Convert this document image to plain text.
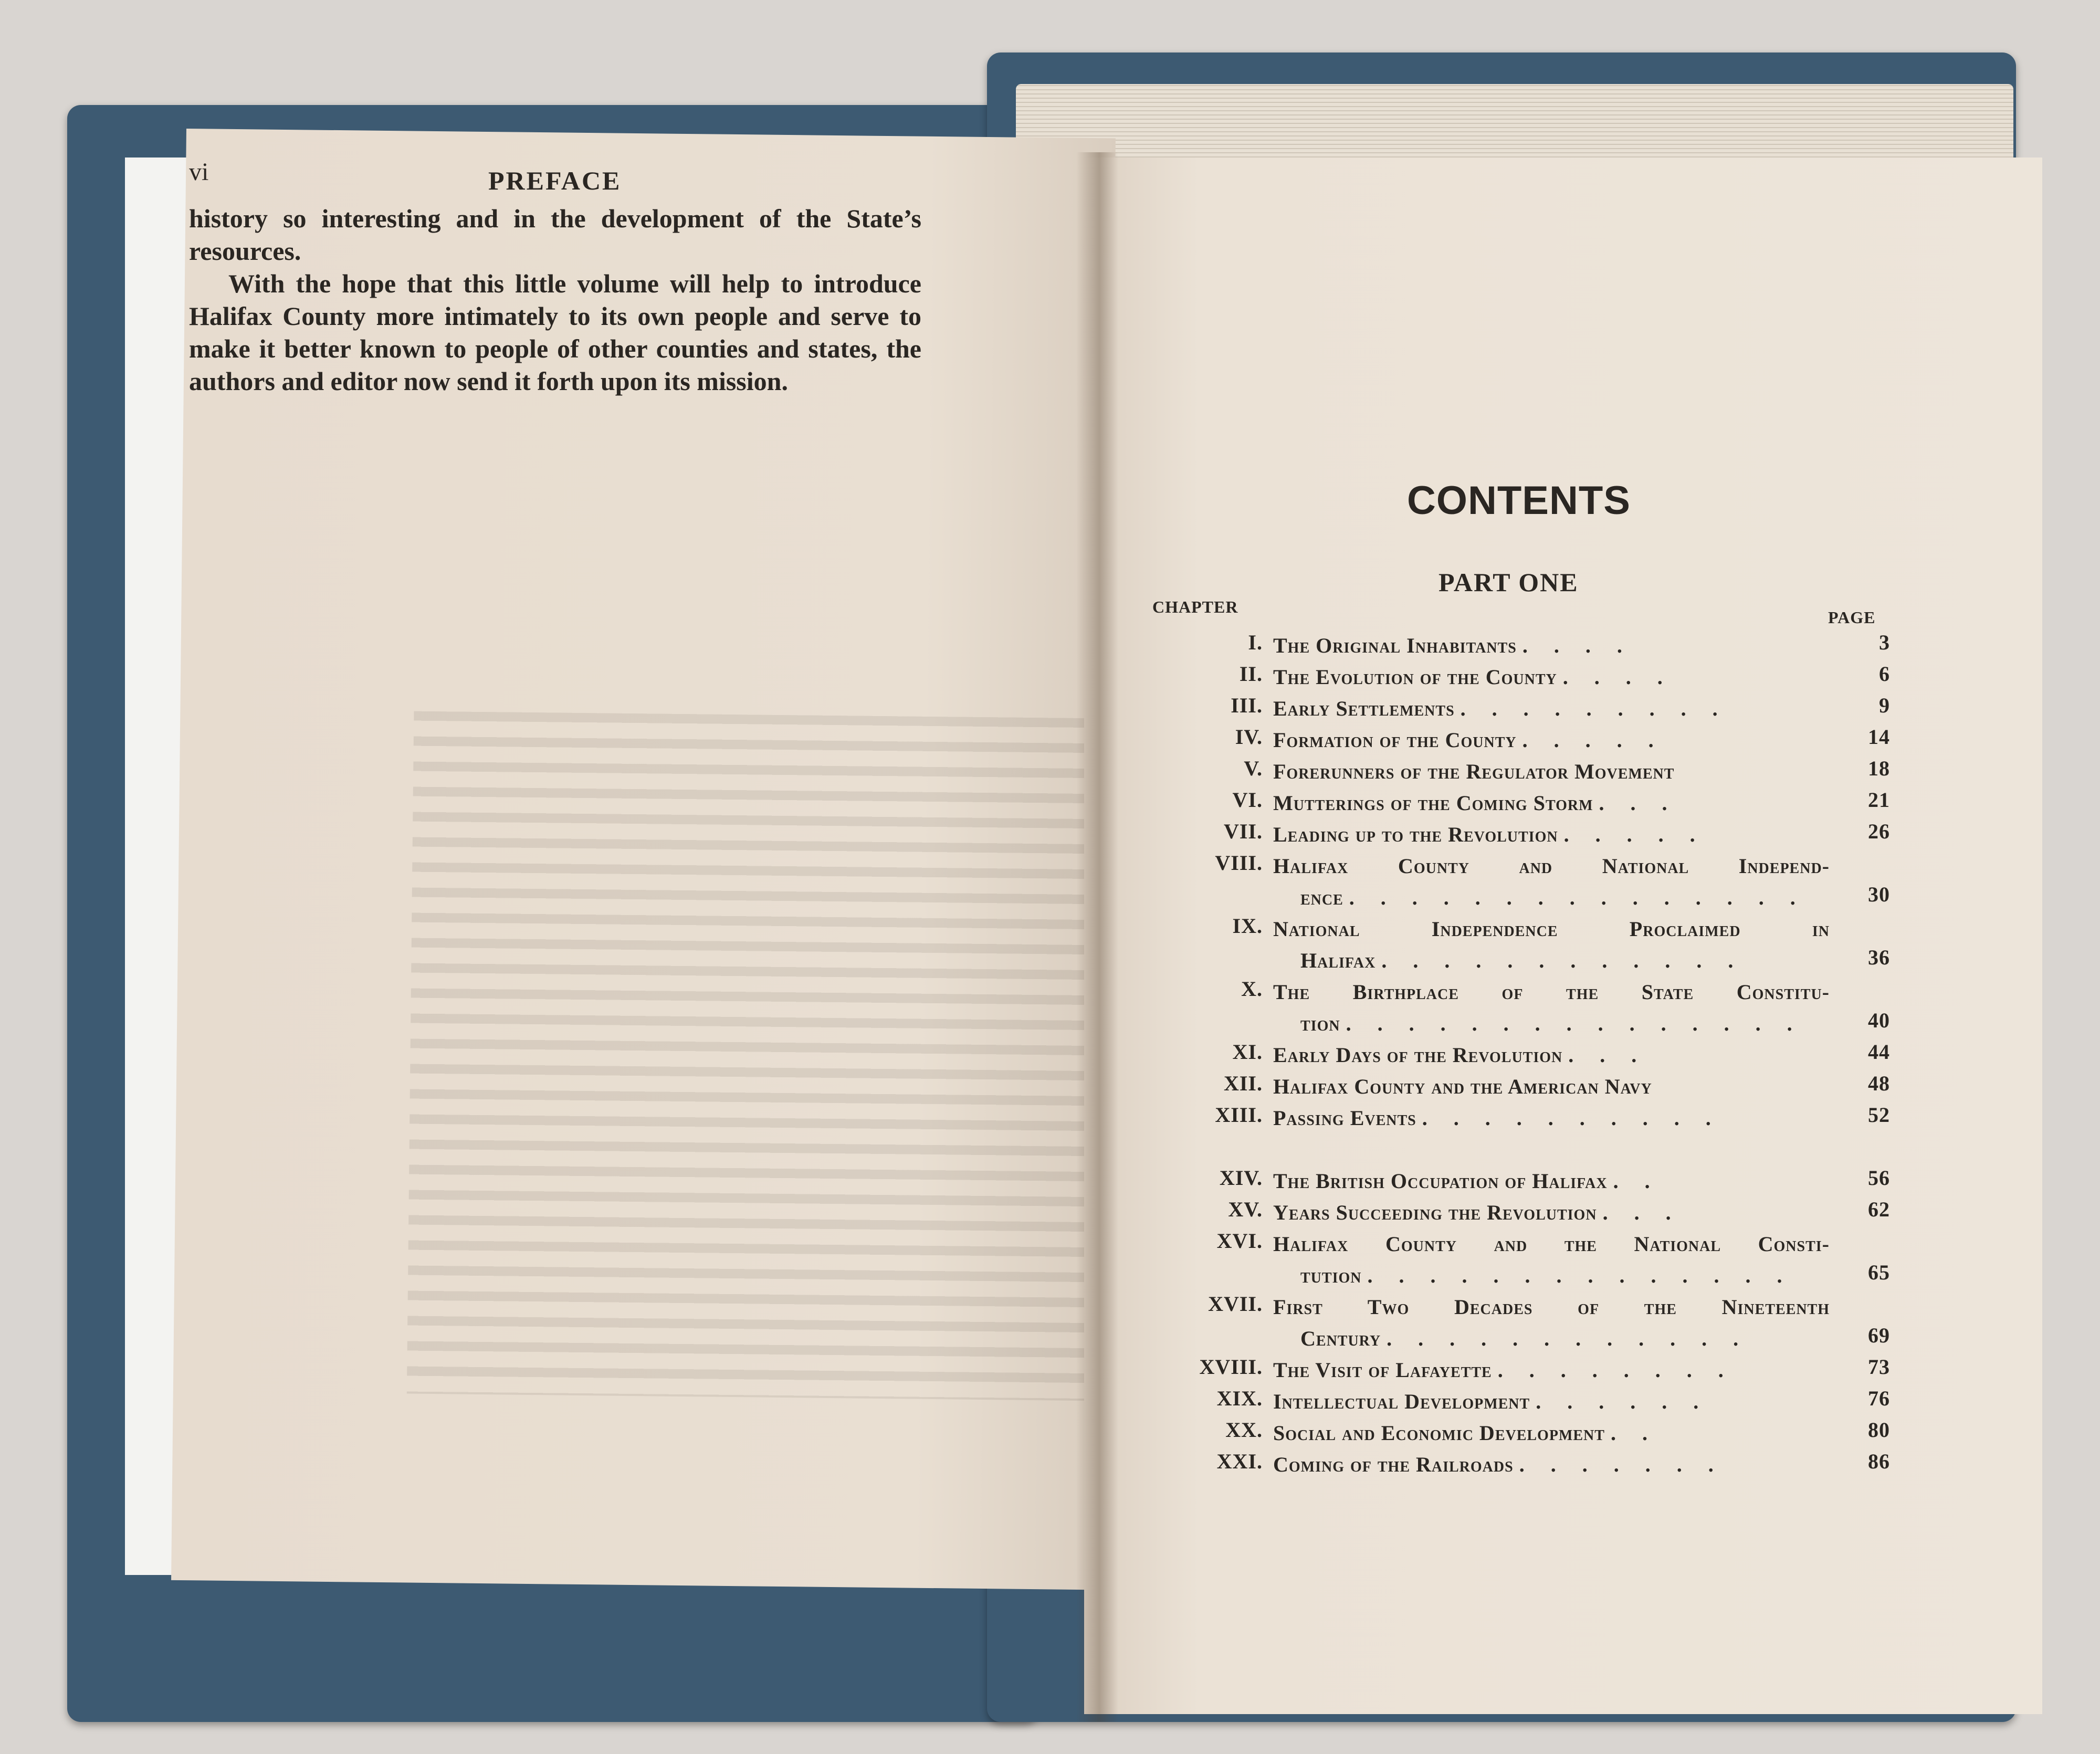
vi	PREFACE

history so interesting and in the development of the State’s resources.

With the hope that this little volume will help to introduce Halifax County more intimately to its own people and serve to make it better known to people of other counties and states, the authors and editor now send it forth upon its mission.

CONTENTS
PART ONE
CHAPTER
PAGE
I. The Original Inhabitants . . . .	3
II. The Evolution of the County . . . .	6
III. Early Settlements . . . . . . . . .	9
IV. Formation of the County . . . . .	14
V. Forerunners of the Regulator Movement	18
VI. Mutterings of the Coming Storm . . .	21
VII. Leading up to the Revolution . . . . .	26
VIII. Halifax County and National Independ-
ence . . . . . . . . . . . . . . .	30
IX. National Independence Proclaimed in
Halifax . . . . . . . . . . . .	36
X. The Birthplace of the State Constitu-
tion . . . . . . . . . . . . . . .	40
XI. Early Days of the Revolution . . .	44
XII. Halifax County and the American Navy	48
XIII. Passing Events . . . . . . . . . .	52
XIV. The British Occupation of Halifax . .	56
XV. Years Succeeding the Revolution . . .	62
XVI. Halifax County and the National Consti-
tution . . . . . . . . . . . . . .	65
XVII. First Two Decades of the Nineteenth
Century . . . . . . . . . . . .	69
XVIII. The Visit of Lafayette . . . . . . . .	73
XIX. Intellectual Development . . . . . .	76
XX. Social and Economic Development . .	80
XXI. Coming of the Railroads . . . . . . .	86
